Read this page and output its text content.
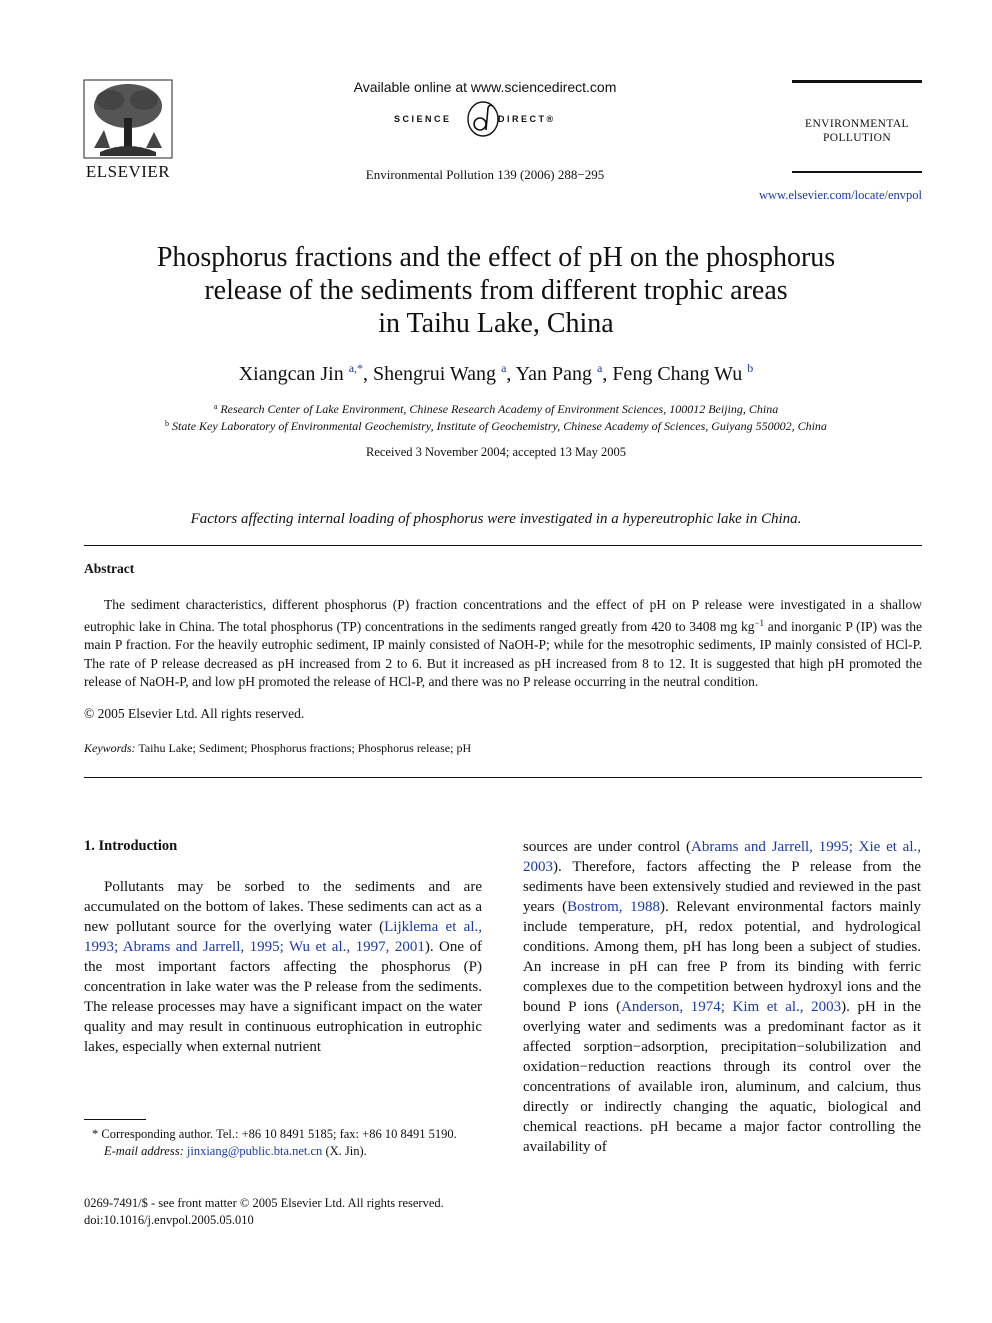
ELSEVIER
Available online at www.sciencedirect.com
SCIENCE	DIRECT®
Environmental Pollution 139 (2006) 288−295
ENVIRONMENTAL
POLLUTION
www.elsevier.com/locate/envpol
Phosphorus fractions and the effect of pH on the phosphorus
release of the sediments from different trophic areas
in Taihu Lake, China
Xiangcan Jin $^{a,*}$, Shengrui Wang $^a$, Yan Pang $^a$, Feng Chang Wu $^b$
$^a$ Research Center of Lake Environment, Chinese Research Academy of Environment Sciences, 100012 Beijing, China
$^b$ State Key Laboratory of Environmental Geochemistry, Institute of Geochemistry, Chinese Academy of Sciences, Guiyang 550002, China
Received 3 November 2004; accepted 13 May 2005
Factors affecting internal loading of phosphorus were investigated in a hypereutrophic lake in China.
Abstract
The sediment characteristics, different phosphorus (P) fraction concentrations and the effect of pH on P release were investigated in a shallow eutrophic lake in China. The total phosphorus (TP) concentrations in the sediments ranged greatly from 420 to 3408 mg $kg^{-1}$ and inorganic P (IP) was the main P fraction. For the heavily eutrophic sediment, IP mainly consisted of NaOH-P; while for the mesotrophic sediments, IP mainly consisted of HCl-P. The rate of P release decreased as pH increased from 2 to 6. But it increased as pH increased from 8 to 12. It is suggested that high pH promoted the release of NaOH-P, and low pH promoted the release of HCl-P, and there was no P release occurring in the neutral condition.
© 2005 Elsevier Ltd. All rights reserved.
Keywords: Taihu Lake; Sediment; Phosphorus fractions; Phosphorus release; pH
1. Introduction

Pollutants may be sorbed to the sediments and are accumulated on the bottom of lakes. These sediments can act as a new pollutant source for the overlying water (Lijklema et al., 1993; Abrams and Jarrell, 1995; Wu et al., 1997, 2001). One of the most important factors affecting the phosphorus (P) concentration in lake water was the P release from the sediments. The release processes may have a significant impact on the water quality and may result in continuous eutrophication in eutrophic lakes, especially when external nutrient

sources are under control (Abrams and Jarrell, 1995; Xie et al., 2003). Therefore, factors affecting the P release from the sediments have been extensively studied and reviewed in the past years (Bostrom, 1988). Relevant environmental factors mainly include temperature, pH, redox potential, and hydrological conditions. Among them, pH has long been a subject of studies. An increase in pH can free P from its binding with ferric complexes due to the competition between hydroxyl ions and the bound P ions (Anderson, 1974; Kim et al., 2003). pH in the overlying water and sediments was a predominant factor as it affected sorption−adsorption, precipitation−solubilization and oxidation−reduction reactions through its control over the concentrations of available iron, aluminum, and calcium, thus directly or indirectly changing the aquatic, biological and chemical reactions. pH became a major factor controlling the availability of

* Corresponding author. Tel.: +86 10 8491 5185; fax: +86 10 8491 5190.
E-mail address: jinxiang@public.bta.net.cn (X. Jin).
0269-7491/$ - see front matter © 2005 Elsevier Ltd. All rights reserved.
doi:10.1016/j.envpol.2005.05.010
